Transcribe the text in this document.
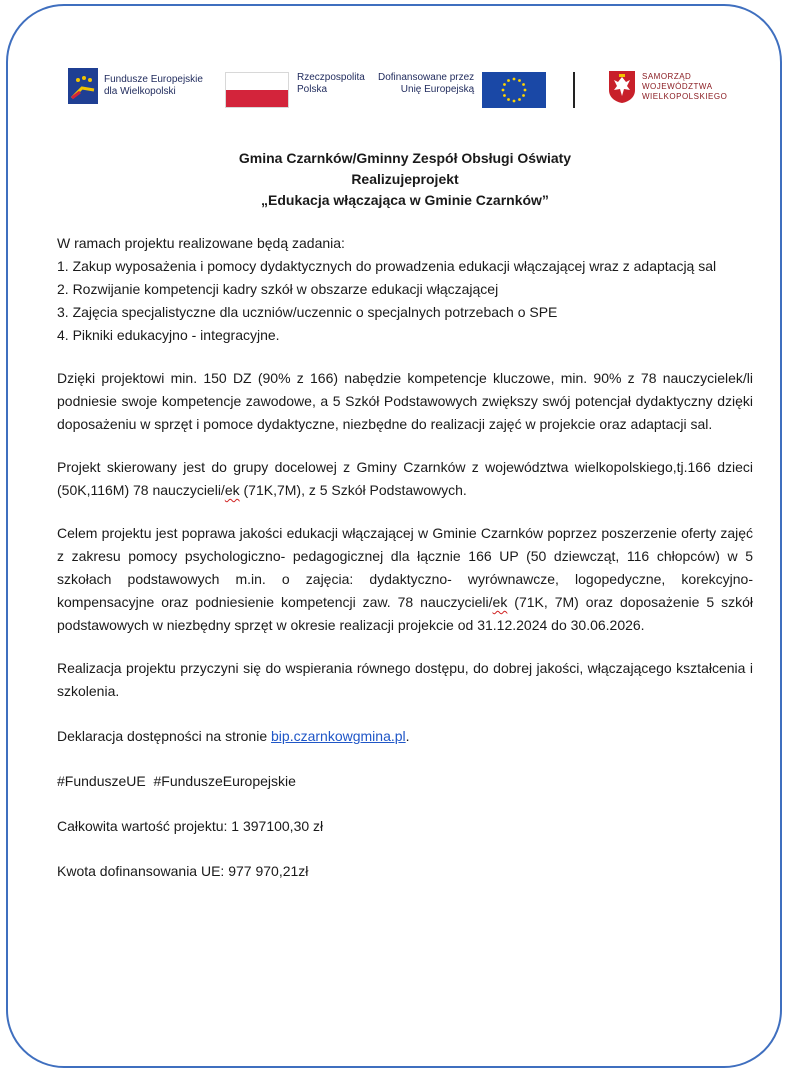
Fundusze Europejskie
dla Wielkopolski
Rzeczpospolita
Polska
Dofinansowane przez
Unię Europejską
SAMORZĄD
WOJEWÓDZTWA
WIELKOPOLSKIEGO
Gmina Czarnków/Gminny Zespół Obsługi Oświaty
Realizujeprojekt
„Edukacja włączająca w Gminie Czarnków”

W ramach projektu realizowane będą zadania:

1. Zakup wyposażenia i pomocy dydaktycznych do prowadzenia edukacji włączającej wraz z adaptacją sal

2. Rozwijanie kompetencji kadry szkół w obszarze edukacji włączającej

3. Zajęcia specjalistyczne dla uczniów/uczennic o specjalnych potrzebach o SPE

4. Pikniki edukacyjno - integracyjne.

Dzięki projektowi min. 150 DZ (90% z 166) nabędzie kompetencje kluczowe, min. 90% z 78 nauczycielek/li podniesie swoje kompetencje zawodowe, a 5 Szkół Podstawowych zwiększy swój potencjał dydaktyczny dzięki doposażeniu w sprzęt i pomoce dydaktyczne, niezbędne do realizacji zajęć w projekcie oraz adaptacji sal.

Projekt skierowany jest do grupy docelowej z Gminy Czarnków z województwa wielkopolskiego,tj.166 dzieci (50K,116M) 78 nauczycieli/ek (71K,7M), z 5 Szkół Podstawowych.

Celem projektu jest poprawa jakości edukacji włączającej w Gminie Czarnków poprzez poszerzenie oferty zajęć z zakresu pomocy psychologiczno- pedagogicznej dla łącznie 166 UP (50 dziewcząt, 116 chłopców) w 5 szkołach podstawowych m.in. o zajęcia: dydaktyczno- wyrównawcze, logopedyczne, korekcyjno- kompensacyjne oraz podniesienie kompetencji zaw. 78 nauczycieli/ek (71K, 7M) oraz doposażenie 5 szkół podstawowych w niezbędny sprzęt w okresie realizacji projekcie od 31.12.2024 do 30.06.2026.

Realizacja projektu przyczyni się do wspierania równego dostępu, do dobrej jakości, włączającego kształcenia i szkolenia.

Deklaracja dostępności na stronie bip.czarnkowgmina.pl.

#FunduszeUE  #FunduszeEuropejskie

Całkowita wartość projektu: 1 397100,30 zł

Kwota dofinansowania UE: 977 970,21zł
